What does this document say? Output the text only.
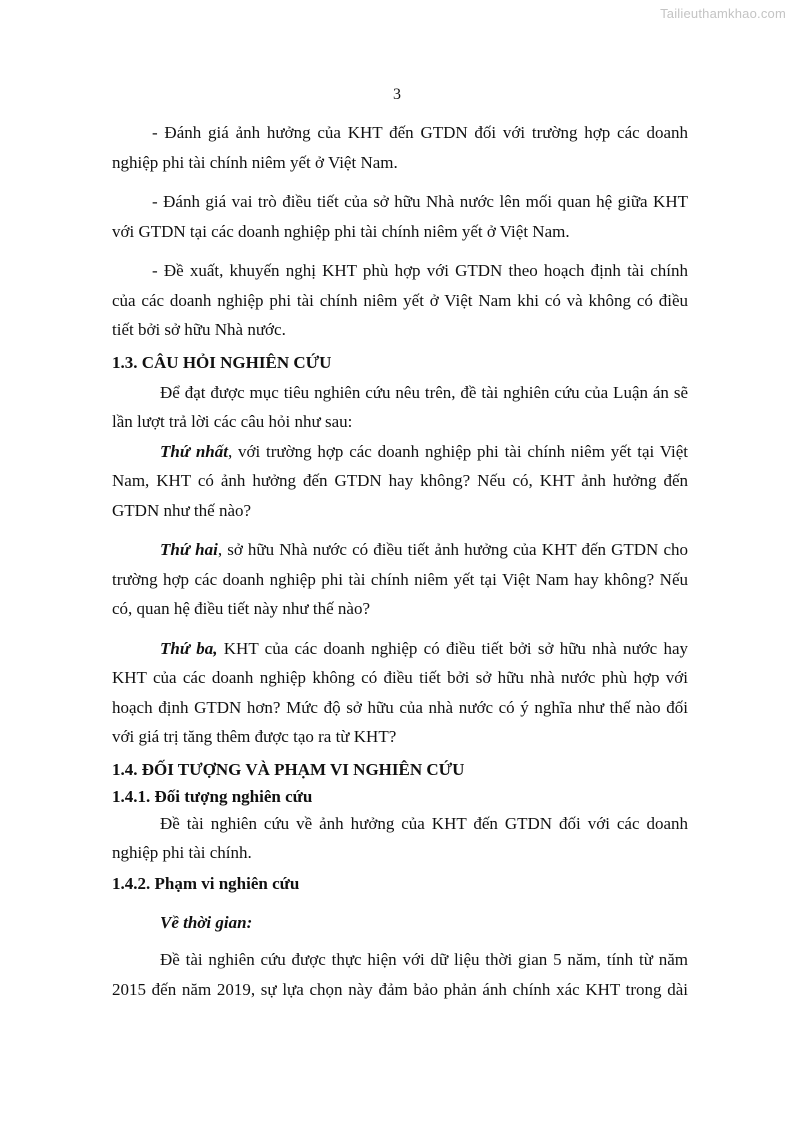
Tailieuthamkhao.com
3

- Đánh giá ảnh hưởng của KHT đến GTDN đối với trường hợp các doanh

nghiệp phi tài chính niêm yết ở Việt Nam.

- Đánh giá vai trò điều tiết của sở hữu Nhà nước lên mối quan hệ giữa KHT

với GTDN tại các doanh nghiệp phi tài chính niêm yết ở Việt Nam.

- Đề xuất, khuyến nghị KHT phù hợp với GTDN theo hoạch định tài chính

của các doanh nghiệp phi tài chính niêm yết ở Việt Nam khi có và không có điều

tiết bởi sở hữu Nhà nước.

1.3. CÂU HỎI NGHIÊN CỨU

Để đạt được mục tiêu nghiên cứu nêu trên, đề tài nghiên cứu của Luận án sẽ

lần lượt trả lời các câu hỏi như sau:

Thứ nhất, với trường hợp các doanh nghiệp phi tài chính niêm yết tại Việt

Nam, KHT có ảnh hưởng đến GTDN hay không? Nếu có, KHT ảnh hưởng đến

GTDN như thế nào?

Thứ hai, sở hữu Nhà nước có điều tiết ảnh hưởng của KHT đến GTDN cho

trường hợp các doanh nghiệp phi tài chính niêm yết tại Việt Nam hay không? Nếu

có, quan hệ điều tiết này như thế nào?

Thứ ba, KHT của các doanh nghiệp có điều tiết bởi sở hữu nhà nước hay

KHT của các doanh nghiệp không có điều tiết bởi sở hữu nhà nước phù hợp với

hoạch định GTDN hơn? Mức độ sở hữu của nhà nước có ý nghĩa như thế nào đối

với giá trị tăng thêm được tạo ra từ KHT?

1.4. ĐỐI TƯỢNG VÀ PHẠM VI NGHIÊN CỨU

1.4.1. Đối tượng nghiên cứu

Đề tài nghiên cứu về ảnh hưởng của KHT đến GTDN đối với các doanh

nghiệp phi tài chính.

1.4.2. Phạm vi nghiên cứu

Về thời gian:

Đề tài nghiên cứu được thực hiện với dữ liệu thời gian 5 năm, tính từ năm

2015 đến năm 2019, sự lựa chọn này đảm bảo phản ánh chính xác KHT trong dài
